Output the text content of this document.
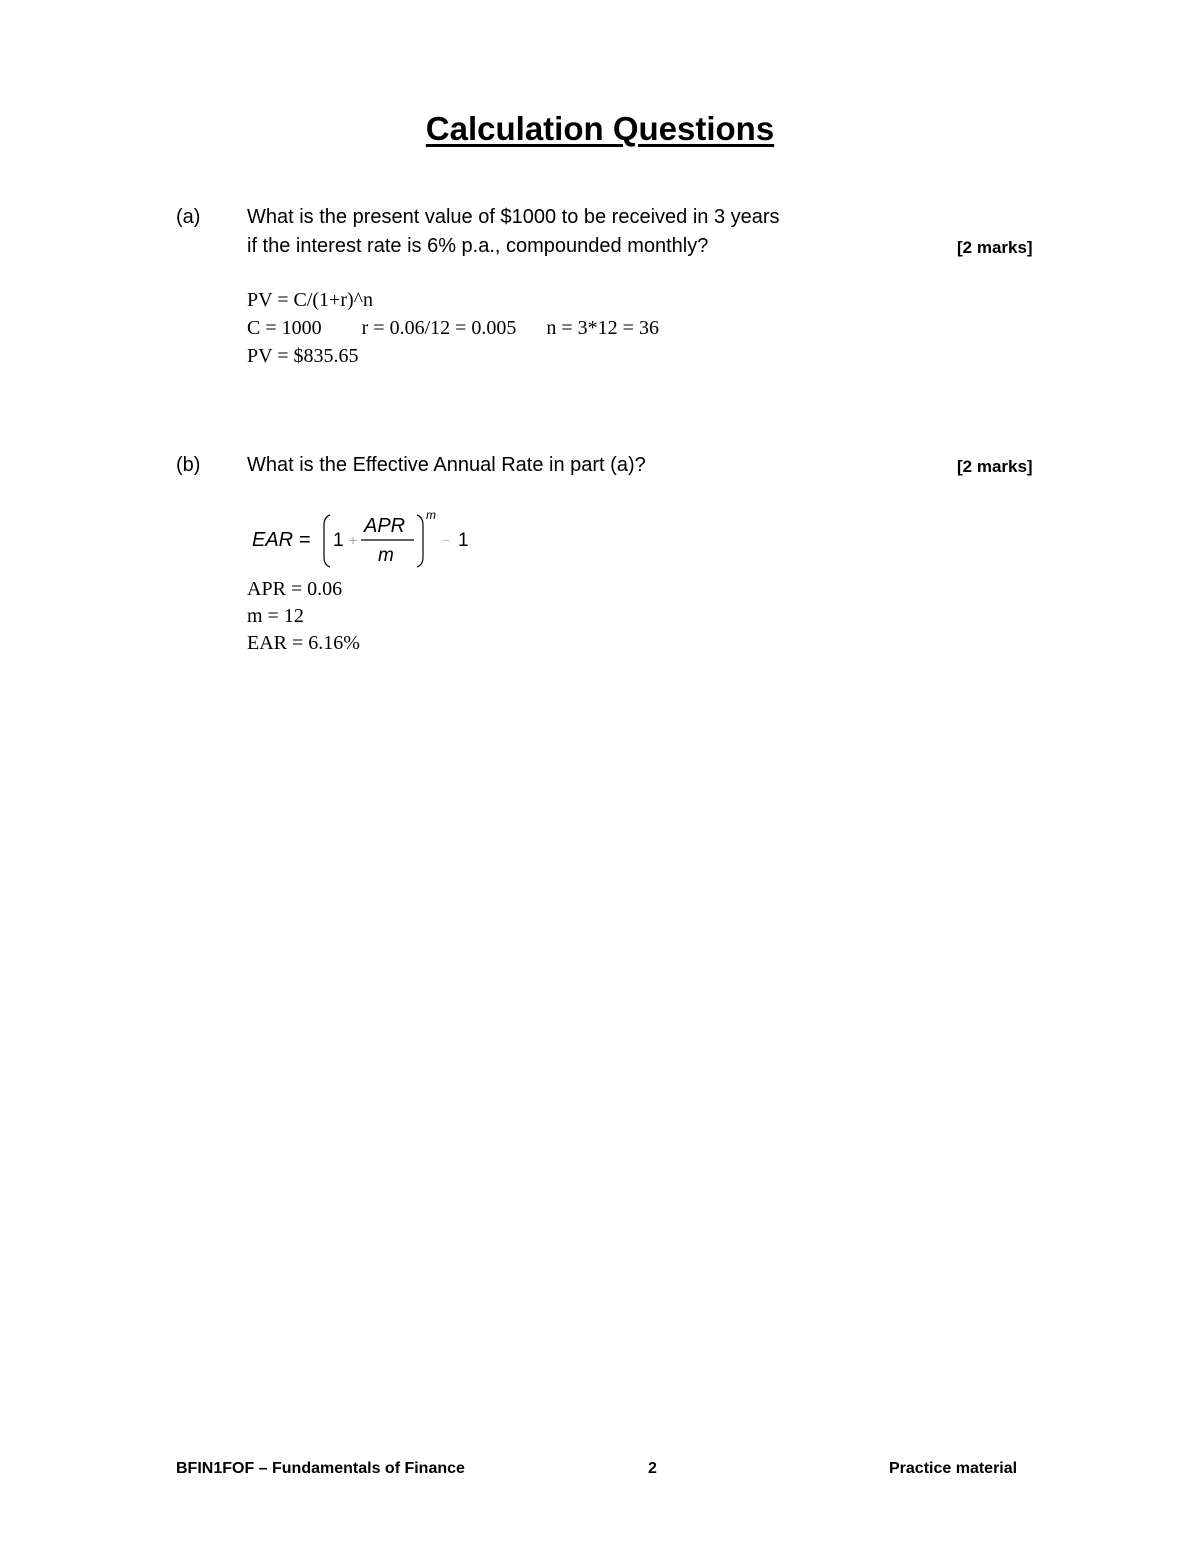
Calculation Questions
(a) What is the present value of $1000 to be received in 3 years
if the interest rate is 6% p.a., compounded monthly?	[2 marks]
PV = C/(1+r)^n
C = 1000 r = 0.06/12 = 0.005 n = 3*12 = 36
PV = $835.65
(b) What is the Effective Annual Rate in part (a)?	[2 marks]
EAR = 1 +
APR
m
m
− 1
APR = 0.06
m = 12
EAR = 6.16%
BFIN1FOF – Fundamentals of Finance	2	Practice material
